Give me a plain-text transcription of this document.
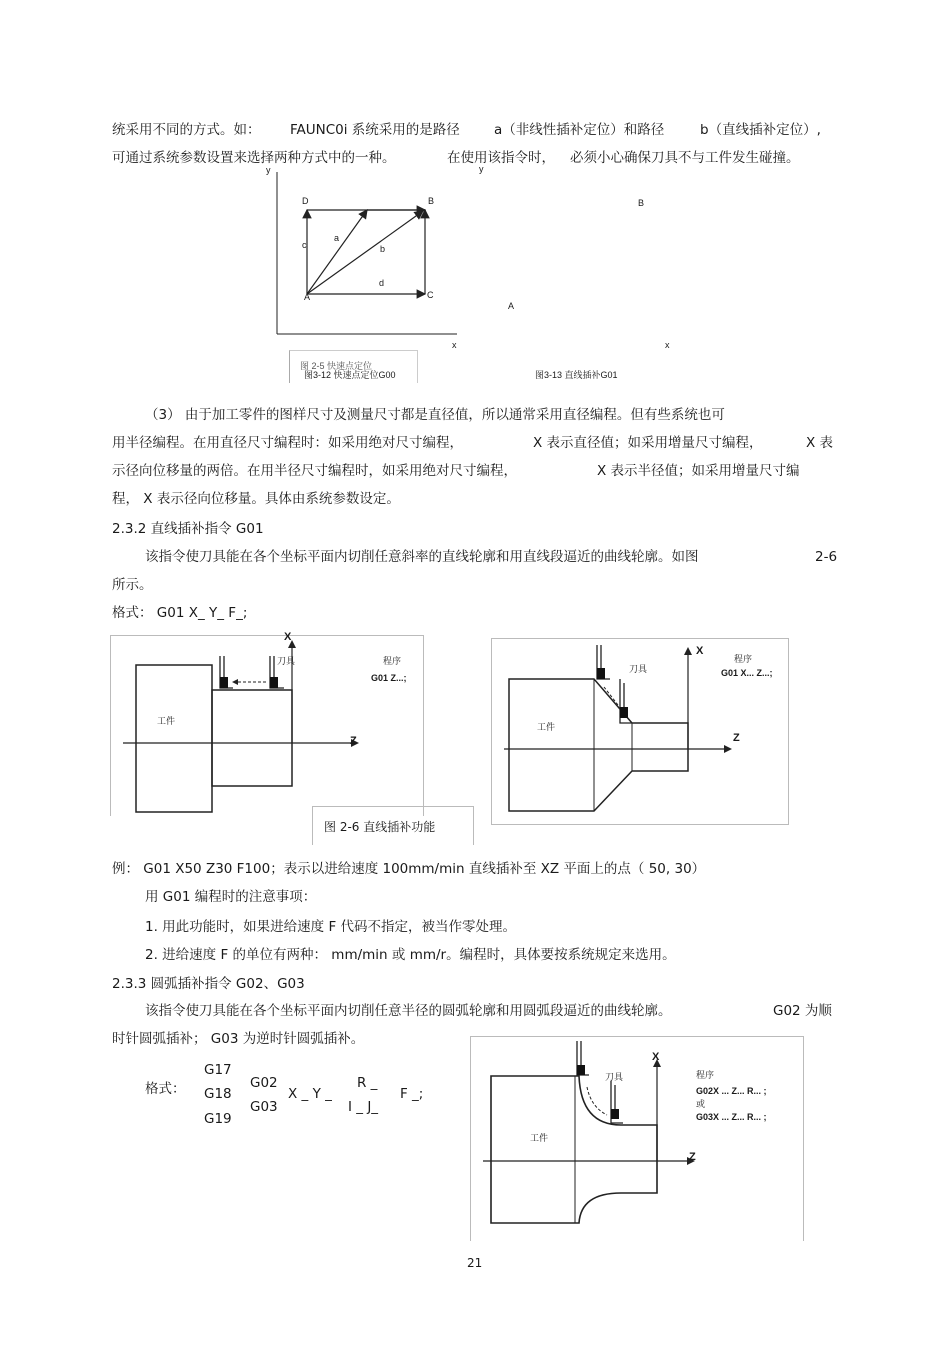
统采用不同的方式。如： FAUNC0i 系统采用的是路径	a（非线性插补定位）和路径	b（直线插补定位）,
可通过系统参数设置来选择两种方式中的一种。	在使用该指令时， 必须小心确保刀具不与工件发生碰撞。
y
x
D	B
A	C
a
b
c
d
图 2-5 快速点定位
图3-12 快速点定位G00
y
B
A
x
图3-13 直线插补G01
（3） 由于加工零件的图样尺寸及测量尺寸都是直径值，所以通常采用直径编程。但有些系统也可
用半径编程。在用直径尺寸编程时：如采用绝对尺寸编程，	X 表示直径值；如采用增量尺寸编程，	X 表
示径向位移量的两倍。在用半径尺寸编程时，如采用绝对尺寸编程，	X 表示半径值；如采用增量尺寸编
程， X 表示径向位移量。具体由系统参数设定。
2.3.2 直线插补指令 G01
该指令使刀具能在各个坐标平面内切削任意斜率的直线轮廓和用直线段逼近的曲线轮廓。如图	2-6
所示。
格式： G01 X_ Y_ F_;
工件
刀具	程序
G01 Z...;
X
Z
工件
刀具
程序
G01 X... Z...;
X
Z
图 2-6 直线插补功能
例： G01 X50 Z30 F100；表示以进给速度 100mm/min 直线插补至 XZ 平面上的点（ 50, 30）
用 G01 编程时的注意事项：
1. 用此功能时，如果进给速度 F 代码不指定，被当作零处理。
2. 进给速度 F 的单位有两种： mm/min 或 mm/r。编程时，具体要按系统规定来选用。
2.3.3 圆弧插补指令 G02、G03
该指令使刀具能在各个坐标平面内切削任意半径的圆弧轮廓和用圆弧段逼近的曲线轮廓。	G02 为顺
时针圆弧插补； G03 为逆时针圆弧插补。
格式：
G17
G18
G19
G02
G03
X _ Y _
R _
I _ J_
F _;
工件
刀具	程序
G02X ... Z... R... ;
或
G03X ... Z... R... ;
X
Z
21
